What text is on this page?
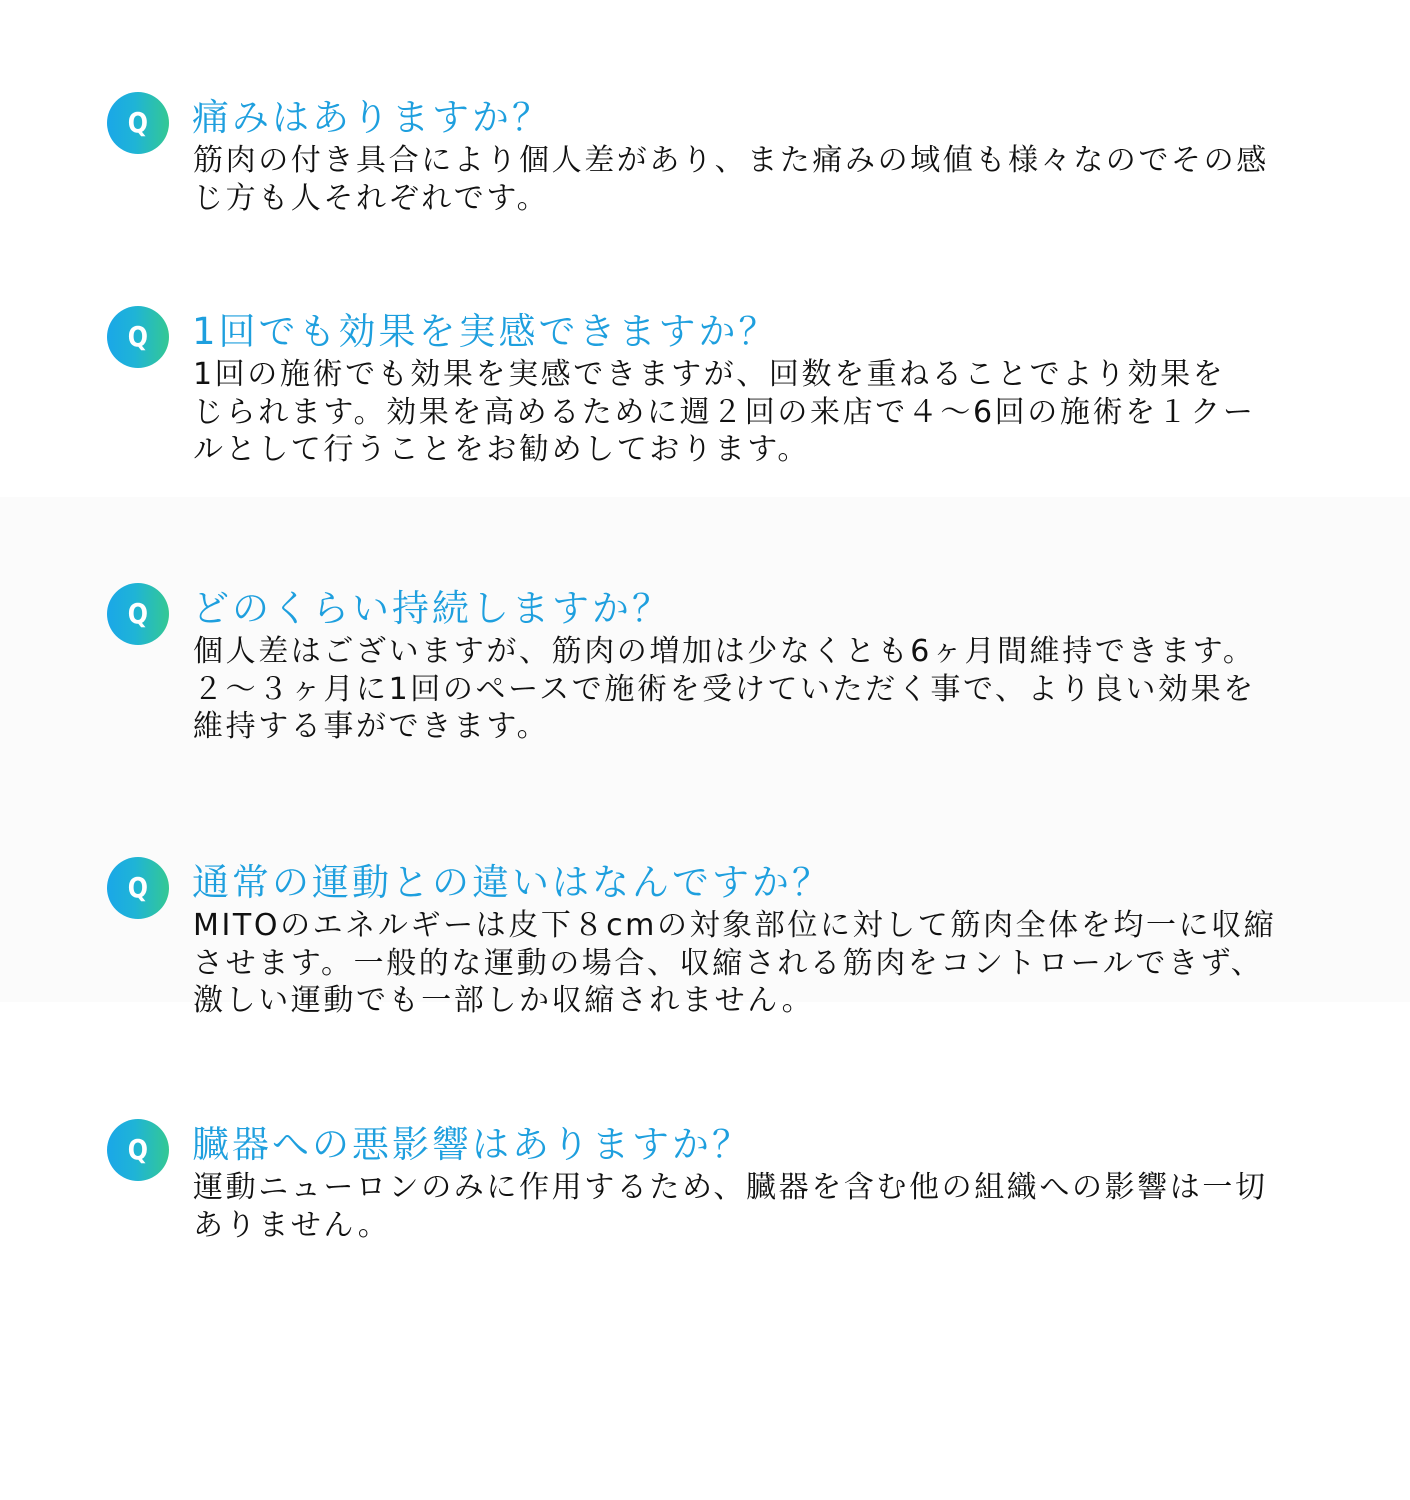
Q 痛みはありますか？

筋肉の付き具合により個人差があり、また痛みの域値も様々なのでその感
じ方も人それぞれです。

Q 1回でも効果を実感できますか？

1回の施術でも効果を実感できますが、回数を重ねることでより効果を
じられます。効果を高めるために週２回の来店で４～6回の施術を１クー
ルとして行うことをお勧めしております。

Q どのくらい持続しますか？

個人差はございますが、筋肉の増加は少なくとも6ヶ月間維持できます。
２～３ヶ月に1回のペースで施術を受けていただく事で、より良い効果を
維持する事ができます。

Q 通常の運動との違いはなんですか？

MITOのエネルギーは皮下８cmの対象部位に対して筋肉全体を均一に収縮
させます。一般的な運動の場合、収縮される筋肉をコントロールできず、
激しい運動でも一部しか収縮されません。

Q 臓器への悪影響はありますか？

運動ニューロンのみに作用するため、臓器を含む他の組織への影響は一切
ありません。
